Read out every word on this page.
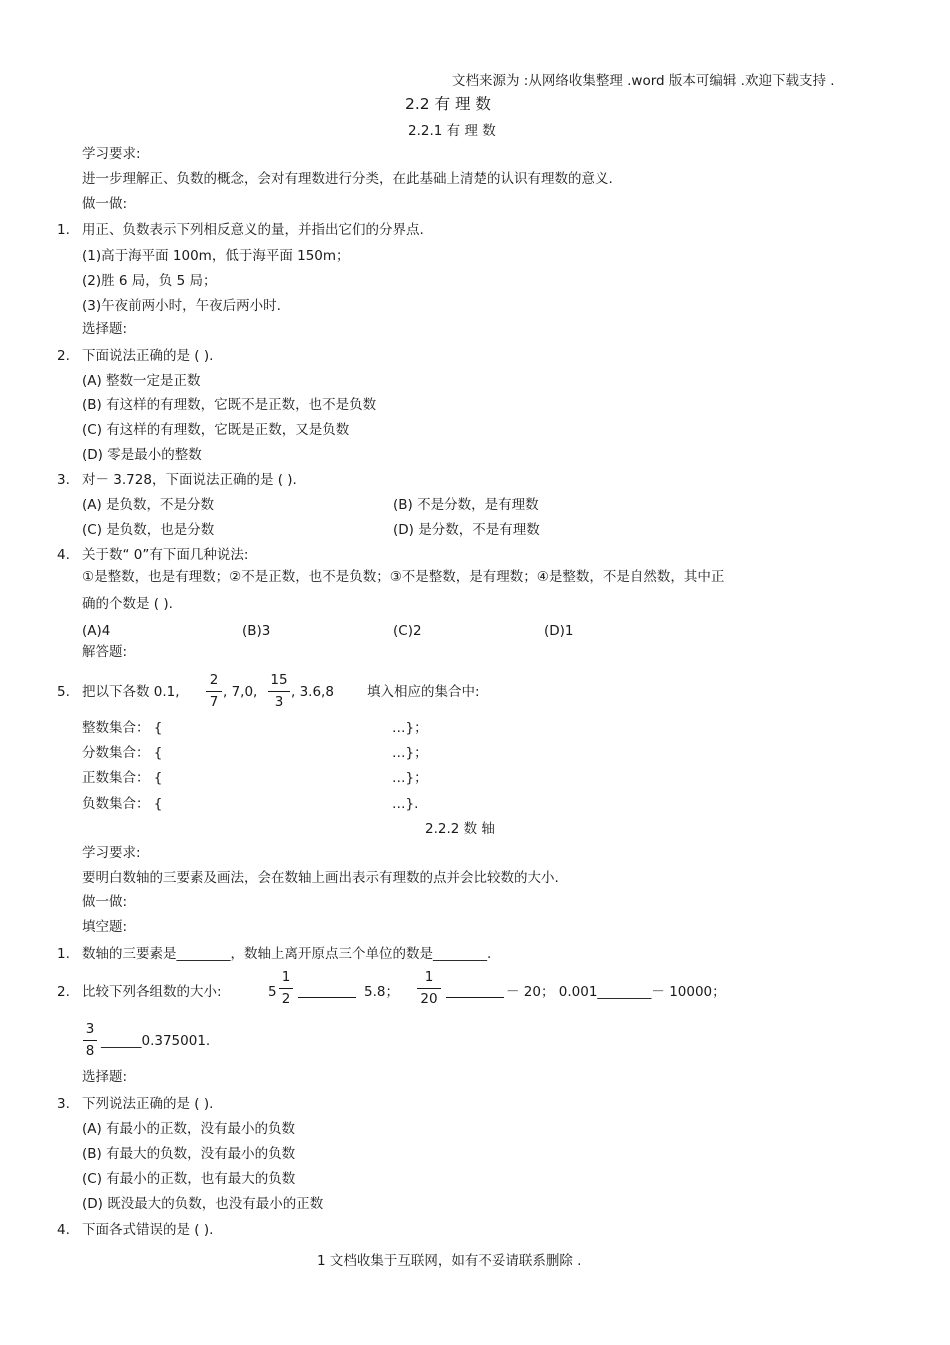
文档来源为 :从网络收集整理 .word 版本可编辑 .欢迎下载支持 .
2.2 有 理 数
2.2.1 有 理 数
学习要求:
进一步理解正、负数的概念，会对有理数进行分类，在此基础上清楚的认识有理数的意义.
做一做:
1. 用正、负数表示下列相反意义的量，并指出它们的分界点.
(1)高于海平面 100m，低于海平面 150m；
(2)胜 6 局，负 5 局；
(3)午夜前两小时，午夜后两小时.
选择题:
2. 下面说法正确的是 ( ).
(A) 整数一定是正数
(B) 有这样的有理数，它既不是正数，也不是负数
(C) 有这样的有理数，它既是正数，又是负数
(D) 零是最小的整数
3. 对－ 3.728，下面说法正确的是 ( ).
(A) 是负数，不是分数	(B) 不是分数，是有理数
(C) 是负数，也是分数	(D) 是分数，不是有理数
4. 关于数“ 0”有下面几种说法:
①是整数，也是有理数；②不是正数，也不是负数；③不是整数，是有理数；④是整数，不是自然数，其中正
确的个数是 ( ).
(A)4	(B)3	(C)2	(D)1
解答题:
5. 把以下各数 0.1,
2
7
, 7,0,
15
3
, 3.6,8 填入相应的集合中:
整数集合： {	…}；
分数集合： {	…}；
正数集合： {	…}；
负数集合： {	…}.
2.2.2 数 轴
学习要求:
要明白数轴的三要素及画法，会在数轴上画出表示有理数的点并会比较数的大小.
做一做:
填空题:
1. 数轴的三要素是________，数轴上离开原点三个单位的数是________.
2. 比较下列各组数的大小:	5
1
2	5.8；
1
20	－ 20； 0.001________－ 10000；
3
8
______0.375001.
选择题:
3. 下列说法正确的是 ( ).
(A) 有最小的正数，没有最小的负数
(B) 有最大的负数，没有最小的负数
(C) 有最小的正数，也有最大的负数
(D) 既没最大的负数，也没有最小的正数
4. 下面各式错误的是 ( ).
1 文档收集于互联网，如有不妥请联系删除 .
